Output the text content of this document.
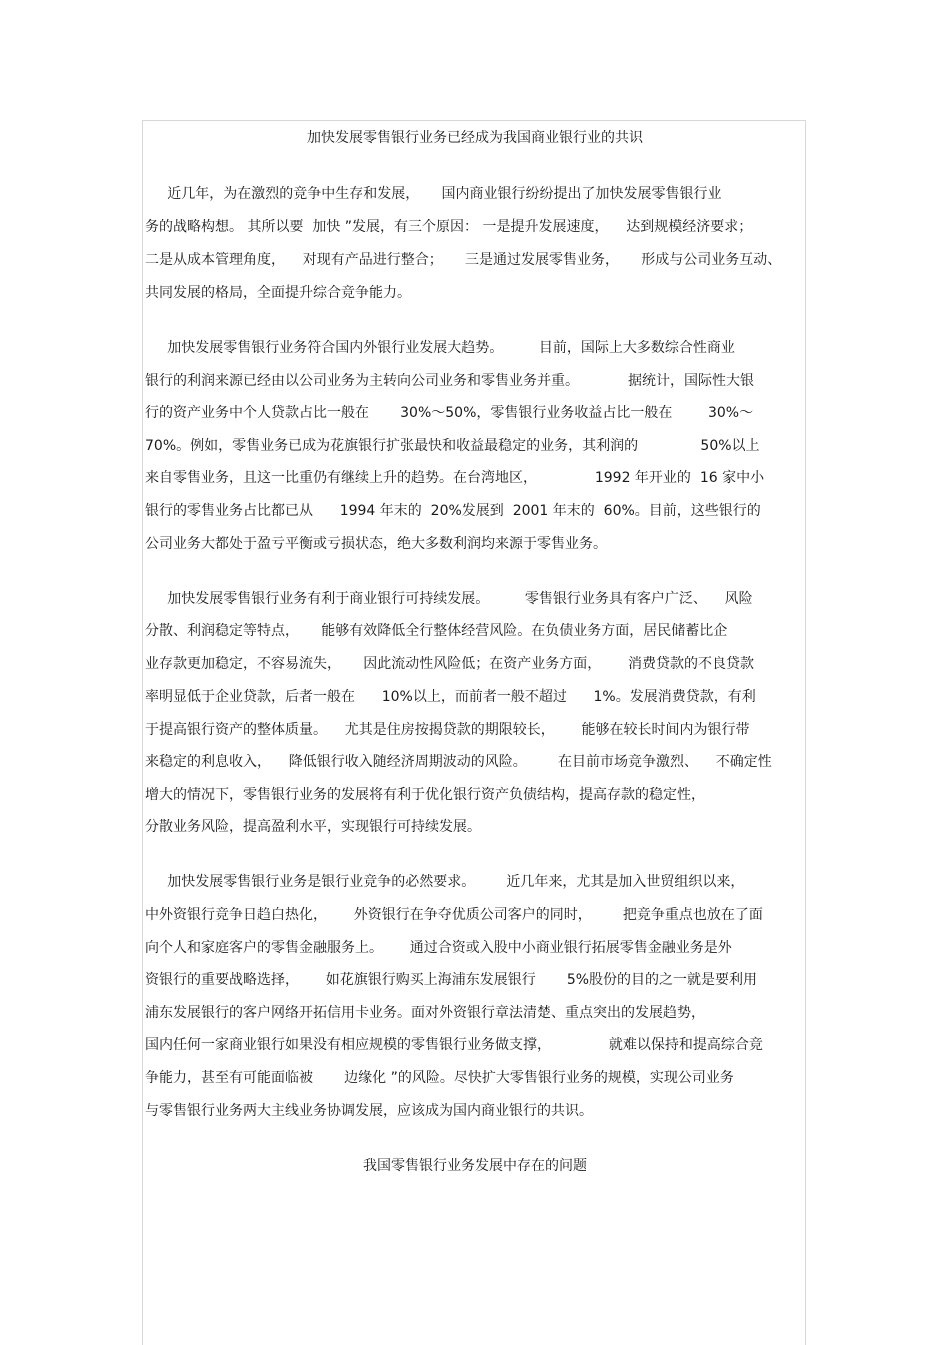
加快发展零售银行业务已经成为我国商业银行业的共识
近几年，为在激烈的竞争中生存和发展，     国内商业银行纷纷提出了加快发展零售银行业
务的战略构想。 其所以要  加快 ”发展，有三个原因： 一是提升发展速度，    达到规模经济要求；
二是从成本管理角度，    对现有产品进行整合；     三是通过发展零售业务，     形成与公司业务互动、
共同发展的格局，全面提升综合竞争能力。
加快发展零售银行业务符合国内外银行业发展大趋势。        目前，国际上大多数综合性商业
银行的利润来源已经由以公司业务为主转向公司业务和零售业务并重。           据统计，国际性大银
行的资产业务中个人贷款占比一般在       30%～50%，零售银行业务收益占比一般在        30%～
70%。例如，零售业务已成为花旗银行扩张最快和收益最稳定的业务，其利润的              50%以上
来自零售业务，且这一比重仍有继续上升的趋势。在台湾地区，             1992 年开业的  16 家中小
银行的零售业务占比都已从      1994 年末的  20%发展到  2001 年末的  60%。目前，这些银行的
公司业务大都处于盈亏平衡或亏损状态，绝大多数利润均来源于零售业务。
加快发展零售银行业务有利于商业银行可持续发展。        零售银行业务具有客户广泛、    风险
分散、利润稳定等特点，     能够有效降低全行整体经营风险。在负债业务方面，居民储蓄比企
业存款更加稳定，不容易流失，     因此流动性风险低；在资产业务方面，      消费贷款的不良贷款
率明显低于企业贷款，后者一般在      10%以上，而前者一般不超过      1%。发展消费贷款，有利
于提高银行资产的整体质量。    尤其是住房按揭贷款的期限较长，      能够在较长时间内为银行带
来稳定的利息收入，    降低银行收入随经济周期波动的风险。       在目前市场竞争激烈、    不确定性
增大的情况下，零售银行业务的发展将有利于优化银行资产负债结构，提高存款的稳定性，
分散业务风险，提高盈利水平，实现银行可持续发展。
加快发展零售银行业务是银行业竞争的必然要求。       近几年来，尤其是加入世贸组织以来，
中外资银行竞争日趋白热化，      外资银行在争夺优质公司客户的同时，       把竞争重点也放在了面
向个人和家庭客户的零售金融服务上。      通过合资或入股中小商业银行拓展零售金融业务是外
资银行的重要战略选择，      如花旗银行购买上海浦东发展银行       5%股份的目的之一就是要利用
浦东发展银行的客户网络开拓信用卡业务。面对外资银行章法清楚、重点突出的发展趋势，
国内任何一家商业银行如果没有相应规模的零售银行业务做支撑，             就难以保持和提高综合竞
争能力，甚至有可能面临被       边缘化 ”的风险。尽快扩大零售银行业务的规模，实现公司业务
与零售银行业务两大主线业务协调发展，应该成为国内商业银行的共识。
我国零售银行业务发展中存在的问题
